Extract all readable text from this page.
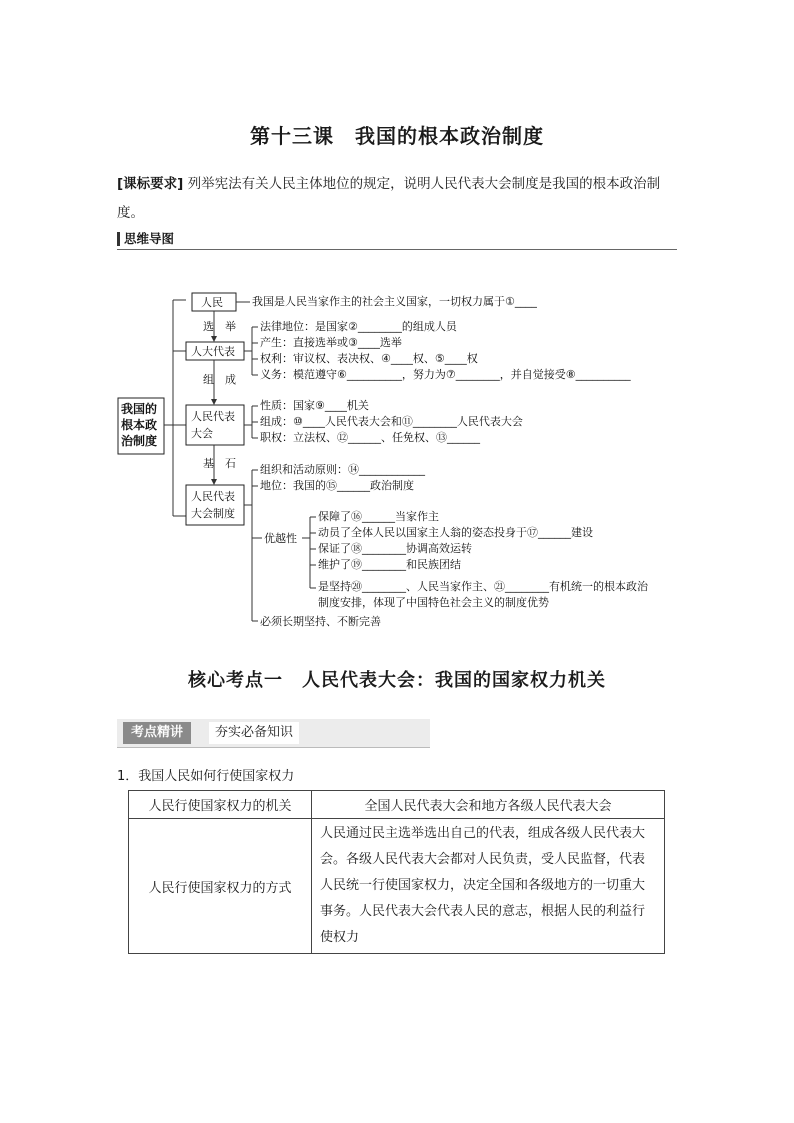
第十三课　我国的根本政治制度
[课标要求] 列举宪法有关人民主体地位的规定，说明人民代表大会制度是我国的根本政治制度。
思维导图
我国的
根本政
治制度
人民
人大代表
人民代表
大会
人民代表
大会制度
选　举
组　成
基　石
我国是人民当家作主的社会主义国家，一切权力属于①____
法律地位：是国家②________的组成人员
产生：直接选举或③____选举
权利：审议权、表决权、④____权、⑤____权
义务：模范遵守⑥__________，努力为⑦________，并自觉接受⑧__________
性质：国家⑨____机关
组成：⑩____人民代表大会和⑪________人民代表大会
职权：立法权、⑫______、任免权、⑬______
组织和活动原则：⑭____________
地位：我国的⑮______政治制度
优越性
保障了⑯______当家作主
动员了全体人民以国家主人翁的姿态投身于⑰______建设
保证了⑱________协调高效运转
维护了⑲________和民族团结
是坚持⑳________、人民当家作主、㉑________有机统一的根本政治
制度安排，体现了中国特色社会主义的制度优势
必须长期坚持、不断完善
核心考点一　人民代表大会：我国的国家权力机关
考点精讲	夯实必备知识
1．我国人民如何行使国家权力
人民行使国家权力的机关	全国人民代表大会和地方各级人民代表大会
人民行使国家权力的方式	人民通过民主选举选出自己的代表，组成各级人民代表大会。各级人民代表大会都对人民负责，受人民监督，代表人民统一行使国家权力，决定全国和各级地方的一切重大事务。人民代表大会代表人民的意志，根据人民的利益行使权力
